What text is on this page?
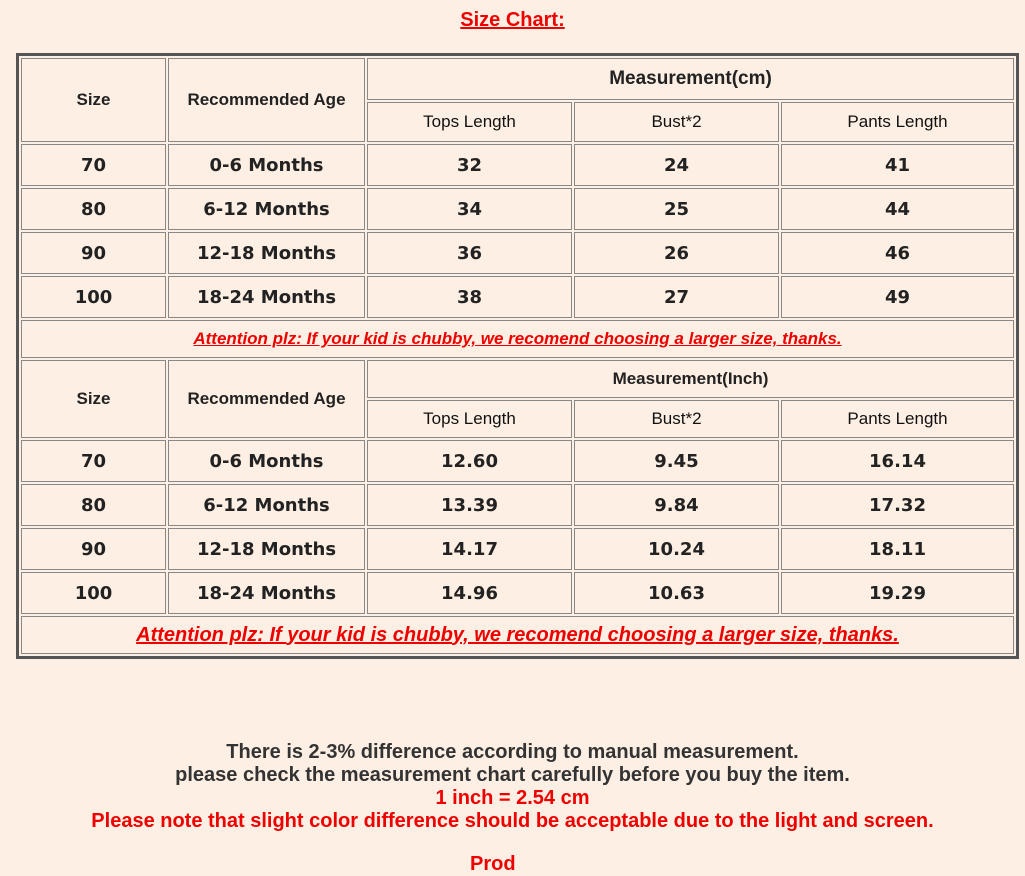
Size Chart:
Size	Recommended Age	Measurement(cm)		
		Tops Length	Bust*2	Pants Length
70	0-6 Months	32	24	41
80	6-12 Months	34	25	44
90	12-18 Months	36	26	46
100	18-24 Months	38	27	49
Attention plz: If your kid is chubby, we recomend choosing a larger size, thanks.				
Size	Recommended Age	Measurement(Inch)		
		Tops Length	Bust*2	Pants Length
70	0-6 Months	12.60	9.45	16.14
80	6-12 Months	13.39	9.84	17.32
90	12-18 Months	14.17	10.24	18.11
100	18-24 Months	14.96	10.63	19.29
Attention plz: If your kid is chubby, we recomend choosing a larger size, thanks.				
There is 2-3% difference according to manual measurement.
please check the measurement chart carefully before you buy the item.
1 inch = 2.54 cm
Please note that slight color difference should be acceptable due to the light and screen.
Prod
